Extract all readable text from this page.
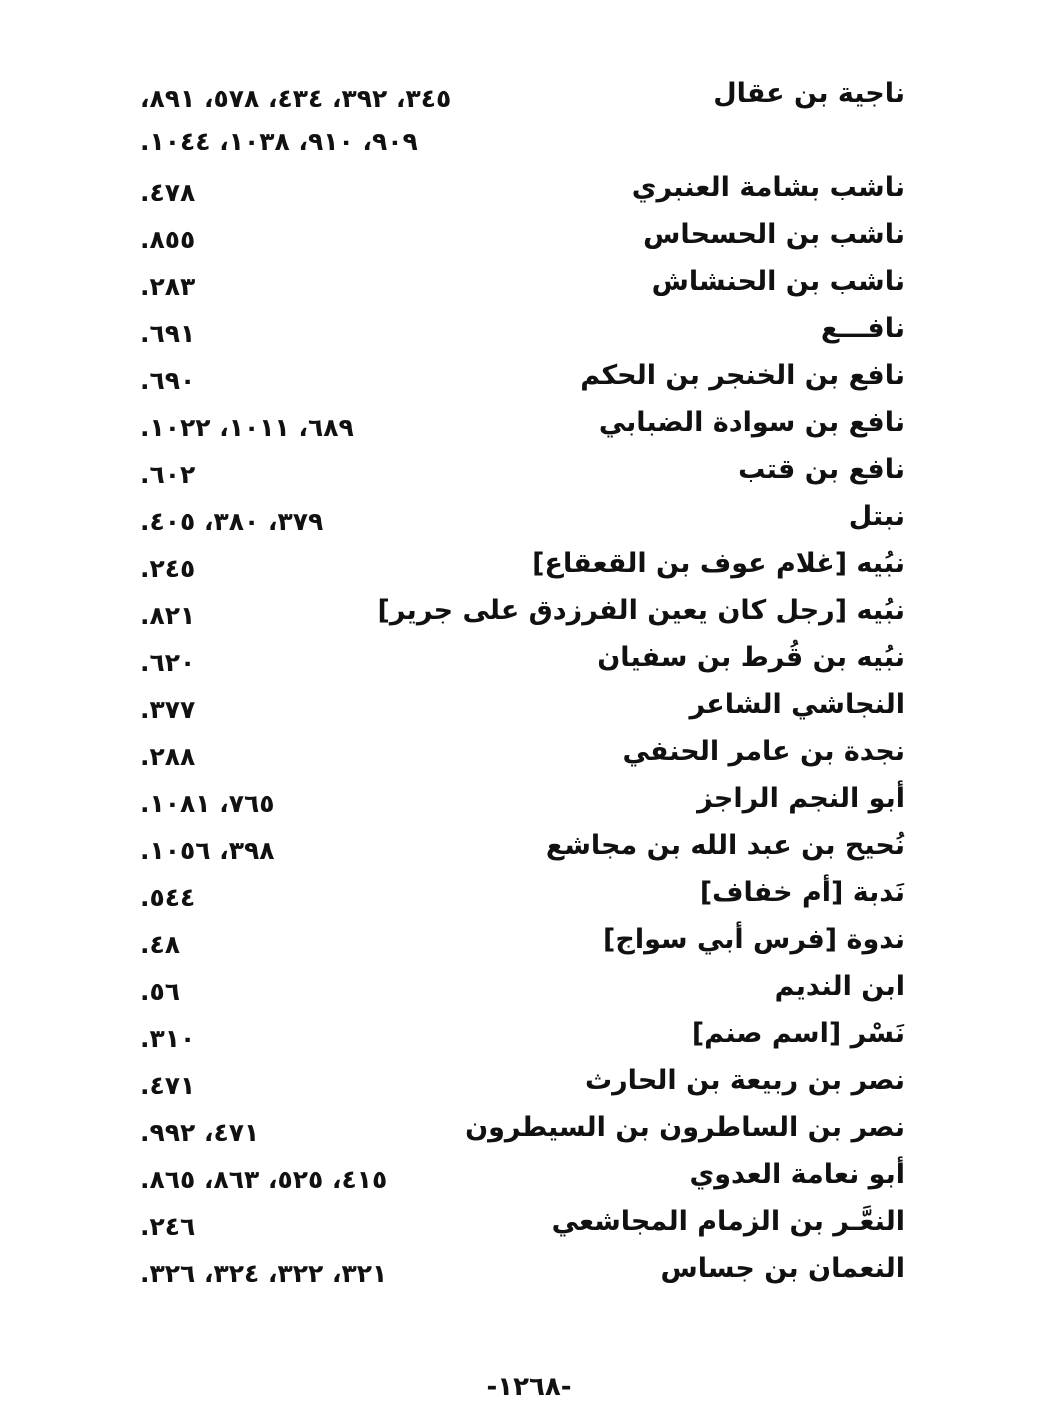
ناجية بن عقال
٣٤٥، ٣٩٢، ٤٣٤، ٥٧٨، ٨٩١،
٩٠٩، ٩١٠، ١٠٣٨، ١٠٤٤.
ناشب بشامة العنبري
٤٧٨.
ناشب بن الحسحاس
٨٥٥.
ناشب بن الحنشاش
٢٨٣.
نافـــع
٦٩١.
نافع بن الخنجر بن الحكم
٦٩٠.
نافع بن سوادة الضبابي
٦٨٩، ١٠١١، ١٠٢٢.
نافع بن قتب
٦٠٢.
نبتل
٣٧٩، ٣٨٠، ٤٠٥.
نبُيه [غلام عوف بن القعقاع]
٢٤٥.
نبُيه [رجل كان يعين الفرزدق على جرير]
٨٢١.
نبُيه بن قُرط بن سفيان
٦٢٠.
النجاشي الشاعر
٣٧٧.
نجدة بن عامر الحنفي
٢٨٨.
أبو النجم الراجز
٧٦٥، ١٠٨١.
نُحيح بن عبد الله بن مجاشع
٣٩٨، ١٠٥٦.
نَدبة [أم خفاف]
٥٤٤.
ندوة [فرس أبي سواج]
٤٨.
ابن النديم
٥٦.
نَسْر [اسم صنم]
٣١٠.
نصر بن ربيعة بن الحارث
٤٧١.
نصر بن الساطرون بن السيطرون
٤٧١، ٩٩٢.
أبو نعامة العدوي
٤١٥، ٥٢٥، ٨٦٣، ٨٦٥.
النعَّـر بن الزمام المجاشعي
٢٤٦.
النعمان بن جساس
٣٢١، ٣٢٢، ٣٢٤، ٣٢٦.
-١٢٦٨-
